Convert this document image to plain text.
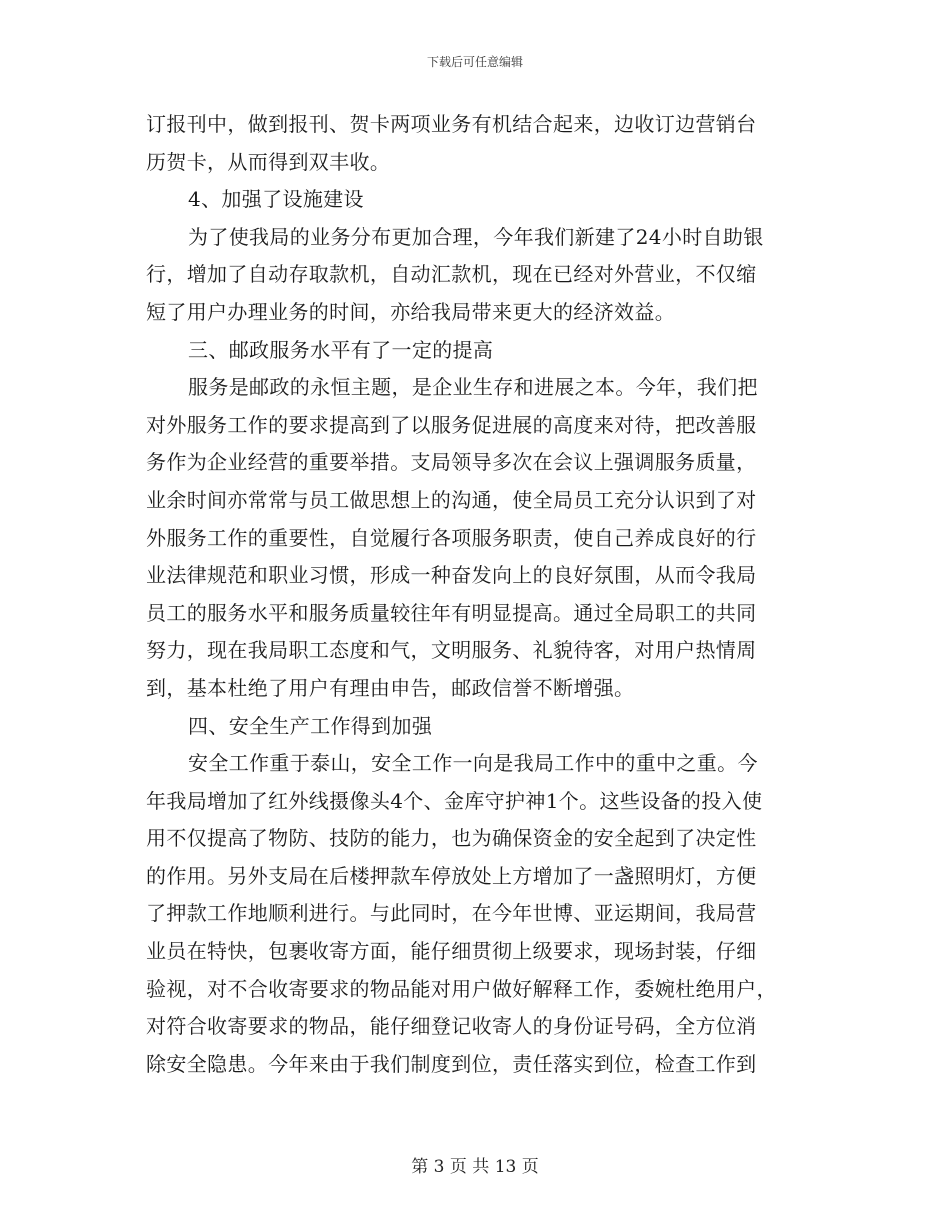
下载后可任意编辑
订报刊中，做到报刊、贺卡两项业务有机结合起来，边收订边营销台
历贺卡，从而得到双丰收。
4、加强了设施建设
为了使我局的业务分布更加合理，今年我们新建了24小时自助银
行，增加了自动存取款机，自动汇款机，现在已经对外营业，不仅缩
短了用户办理业务的时间，亦给我局带来更大的经济效益。
三、邮政服务水平有了一定的提高
服务是邮政的永恒主题，是企业生存和进展之本。今年，我们把
对外服务工作的要求提高到了以服务促进展的高度来对待，把改善服
务作为企业经营的重要举措。支局领导多次在会议上强调服务质量，
业余时间亦常常与员工做思想上的沟通，使全局员工充分认识到了对
外服务工作的重要性，自觉履行各项服务职责，使自己养成良好的行
业法律规范和职业习惯，形成一种奋发向上的良好氛围，从而令我局
员工的服务水平和服务质量较往年有明显提高。通过全局职工的共同
努力，现在我局职工态度和气，文明服务、礼貌待客，对用户热情周
到，基本杜绝了用户有理由申告，邮政信誉不断增强。
四、安全生产工作得到加强
安全工作重于泰山，安全工作一向是我局工作中的重中之重。今
年我局增加了红外线摄像头4个、金库守护神1个。这些设备的投入使
用不仅提高了物防、技防的能力，也为确保资金的安全起到了决定性
的作用。另外支局在后楼押款车停放处上方增加了一盏照明灯，方便
了押款工作地顺利进行。与此同时，在今年世博、亚运期间，我局营
业员在特快，包裹收寄方面，能仔细贯彻上级要求，现场封装，仔细
验视，对不合收寄要求的物品能对用户做好解释工作，委婉杜绝用户，
对符合收寄要求的物品，能仔细登记收寄人的身份证号码，全方位消
除安全隐患。今年来由于我们制度到位，责任落实到位，检查工作到
第 3 页 共 13 页
